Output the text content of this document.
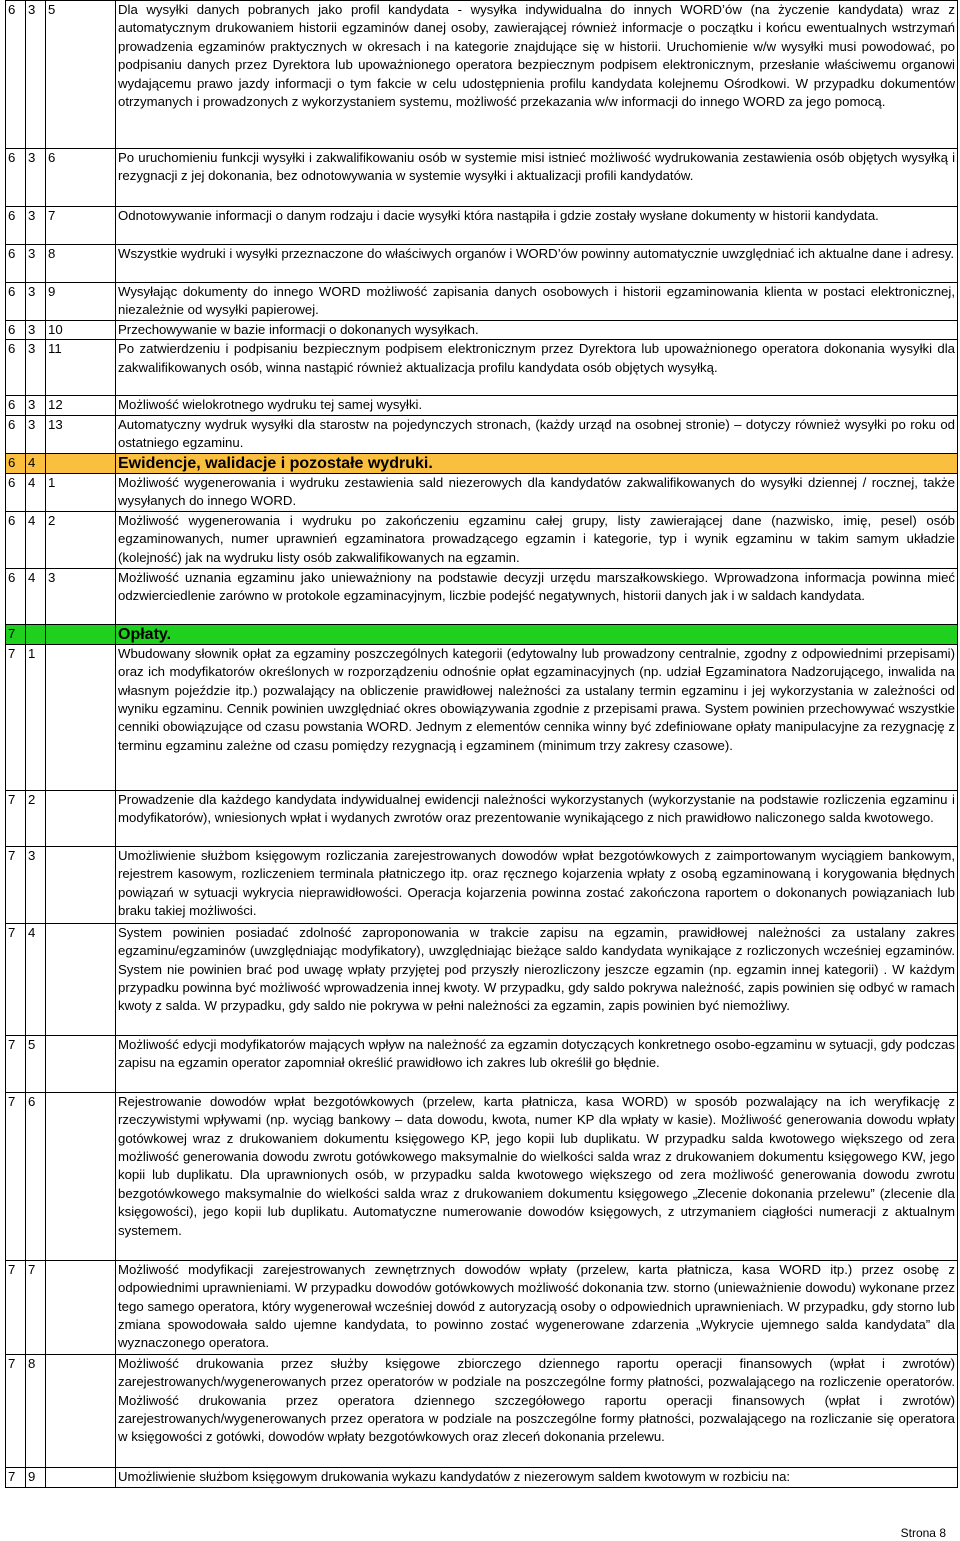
6	3	5	Dla wysyłki danych pobranych jako profil kandydata - wysyłka indywidualna do innych WORD’ów (na życzenie kandydata) wraz z automatycznym drukowaniem historii egzaminów danej osoby, zawierającej również informacje o początku i końcu ewentualnych wstrzymań prowadzenia egzaminów praktycznych w okresach i na kategorie znajdujące się w historii. Uruchomienie w/w wysyłki musi powodować, po podpisaniu danych przez Dyrektora lub upoważnionego operatora bezpiecznym podpisem elektronicznym, przesłanie właściwemu organowi wydającemu prawo jazdy informacji o tym fakcie w celu udostępnienia profilu kandydata kolejnemu Ośrodkowi. W przypadku dokumentów otrzymanych i prowadzonych z wykorzystaniem systemu, możliwość przekazania w/w informacji do innego WORD za jego pomocą.
6	3	6	Po uruchomieniu funkcji wysyłki i zakwalifikowaniu osób w systemie misi istnieć możliwość wydrukowania zestawienia osób objętych wysyłką i rezygnacji z jej dokonania, bez odnotowywania w systemie wysyłki i aktualizacji profili kandydatów.
6	3	7	Odnotowywanie informacji o danym rodzaju i dacie wysyłki która nastąpiła i gdzie zostały wysłane dokumenty w historii kandydata.
6	3	8	Wszystkie wydruki i wysyłki przeznaczone do właściwych organów i WORD’ów powinny automatycznie uwzględniać ich aktualne dane i adresy.
6	3	9	Wysyłając dokumenty do innego WORD możliwość zapisania danych osobowych i historii egzaminowania klienta w postaci elektronicznej, niezależnie od wysyłki papierowej.
6	3	10	Przechowywanie w bazie informacji o dokonanych wysyłkach.
6	3	11	Po zatwierdzeniu i podpisaniu bezpiecznym podpisem elektronicznym przez Dyrektora lub upoważnionego operatora dokonania wysyłki dla zakwalifikowanych osób, winna nastąpić również aktualizacja profilu kandydata osób objętych wysyłką.
6	3	12	Możliwość wielokrotnego wydruku tej samej wysyłki.
6	3	13	Automatyczny wydruk wysyłki dla starostw na pojedynczych stronach, (każdy urząd na osobnej stronie) – dotyczy również wysyłki po roku od ostatniego egzaminu.
6	4		Ewidencje, walidacje i pozostałe wydruki.
6	4	1	Możliwość wygenerowania i wydruku zestawienia sald niezerowych dla kandydatów zakwalifikowanych do wysyłki dziennej / rocznej, także wysyłanych do innego WORD.
6	4	2	Możliwość wygenerowania i wydruku po zakończeniu egzaminu całej grupy, listy zawierającej dane (nazwisko, imię, pesel) osób egzaminowanych, numer uprawnień egzaminatora prowadzącego egzamin i kategorie, typ i wynik egzaminu w takim samym układzie (kolejność) jak na wydruku listy osób zakwalifikowanych na egzamin.
6	4	3	Możliwość uznania egzaminu jako unieważniony na podstawie decyzji urzędu marszałkowskiego. Wprowadzona informacja powinna mieć odzwierciedlenie zarówno w protokole egzaminacyjnym, liczbie podejść negatywnych, historii danych jak i w saldach kandydata.
7			Opłaty.
7	1		Wbudowany słownik opłat za egzaminy poszczególnych kategorii (edytowalny lub prowadzony centralnie, zgodny z odpowiednimi przepisami) oraz ich modyfikatorów określonych w rozporządzeniu odnośnie opłat egzaminacyjnych (np. udział Egzaminatora Nadzorującego, inwalida na własnym pojeździe itp.) pozwalający na obliczenie prawidłowej należności za ustalany termin egzaminu i jej wykorzystania w zależności od wyniku egzaminu. Cennik powinien uwzględniać okres obowiązywania zgodnie z przepisami prawa. System powinien przechowywać wszystkie cenniki obowiązujące od czasu powstania WORD. Jednym z elementów cennika winny być zdefiniowane opłaty manipulacyjne za rezygnację z terminu egzaminu zależne od czasu pomiędzy rezygnacją i egzaminem (minimum trzy zakresy czasowe).
7	2		Prowadzenie dla każdego kandydata indywidualnej ewidencji należności wykorzystanych (wykorzystanie na podstawie rozliczenia egzaminu i modyfikatorów), wniesionych wpłat i wydanych zwrotów oraz prezentowanie wynikającego z nich prawidłowo naliczonego salda kwotowego.
7	3		Umożliwienie służbom księgowym rozliczania zarejestrowanych dowodów wpłat bezgotówkowych z zaimportowanym wyciągiem bankowym, rejestrem kasowym, rozliczeniem terminala płatniczego itp. oraz ręcznego kojarzenia wpłaty z osobą egzaminowaną i korygowania błędnych powiązań w sytuacji wykrycia nieprawidłowości. Operacja kojarzenia powinna zostać zakończona raportem o dokonanych powiązaniach lub braku takiej możliwości.
7	4		System powinien posiadać zdolność zaproponowania w trakcie zapisu na egzamin, prawidłowej należności za ustalany zakres egzaminu/egzaminów (uwzględniając modyfikatory), uwzględniając bieżące saldo kandydata wynikające z rozliczonych wcześniej egzaminów. System nie powinien brać pod uwagę wpłaty przyjętej pod przyszły nierozliczony jeszcze egzamin (np. egzamin innej kategorii) . W każdym przypadku powinna być możliwość wprowadzenia innej kwoty. W przypadku, gdy saldo pokrywa należność, zapis powinien się odbyć w ramach kwoty z salda. W przypadku, gdy saldo nie pokrywa w pełni należności za egzamin, zapis powinien być niemożliwy.
7	5		Możliwość edycji modyfikatorów mających wpływ na należność za egzamin dotyczących konkretnego osobo-egzaminu w sytuacji, gdy podczas zapisu na egzamin operator zapomniał określić prawidłowo ich zakres lub określił go błędnie.
7	6		Rejestrowanie dowodów wpłat bezgotówkowych (przelew, karta płatnicza, kasa WORD) w sposób pozwalający na ich weryfikację z rzeczywistymi wpływami (np. wyciąg bankowy – data dowodu, kwota, numer KP dla wpłaty w kasie). Możliwość generowania dowodu wpłaty gotówkowej wraz z drukowaniem dokumentu księgowego KP, jego kopii lub duplikatu. W przypadku salda kwotowego większego od zera możliwość generowania dowodu zwrotu gotówkowego maksymalnie do wielkości salda wraz z drukowaniem dokumentu księgowego KW, jego kopii lub duplikatu. Dla uprawnionych osób, w przypadku salda kwotowego większego od zera możliwość generowania dowodu zwrotu bezgotówkowego maksymalnie do wielkości salda wraz z drukowaniem dokumentu księgowego „Zlecenie dokonania przelewu” (zlecenie dla księgowości), jego kopii lub duplikatu. Automatyczne numerowanie dowodów księgowych, z utrzymaniem ciągłości numeracji z aktualnym systemem.
7	7		Możliwość modyfikacji zarejestrowanych zewnętrznych dowodów wpłaty (przelew, karta płatnicza, kasa WORD itp.) przez osobę z odpowiednimi uprawnieniami. W przypadku dowodów gotówkowych możliwość dokonania tzw. storno (unieważnienie dowodu) wykonane przez tego samego operatora, który wygenerował wcześniej dowód z autoryzacją osoby o odpowiednich uprawnieniach. W przypadku, gdy storno lub zmiana spowodowała saldo ujemne kandydata, to powinno zostać wygenerowane zdarzenia „Wykrycie ujemnego salda kandydata” dla wyznaczonego operatora.
7	8		Możliwość drukowania przez służby księgowe zbiorczego dziennego raportu operacji finansowych (wpłat i zwrotów) zarejestrowanych/wygenerowanych przez operatorów w podziale na poszczególne formy płatności, pozwalającego na rozliczenie operatorów. Możliwość drukowania przez operatora dziennego szczegółowego raportu operacji finansowych (wpłat i zwrotów) zarejestrowanych/wygenerowanych przez operatora w podziale na poszczególne formy płatności, pozwalającego na rozliczanie się operatora w księgowości z gotówki, dowodów wpłaty bezgotówkowych oraz zleceń dokonania przelewu.
7	9		Umożliwienie służbom księgowym drukowania wykazu kandydatów z niezerowym saldem kwotowym w rozbiciu na:
Strona 8
